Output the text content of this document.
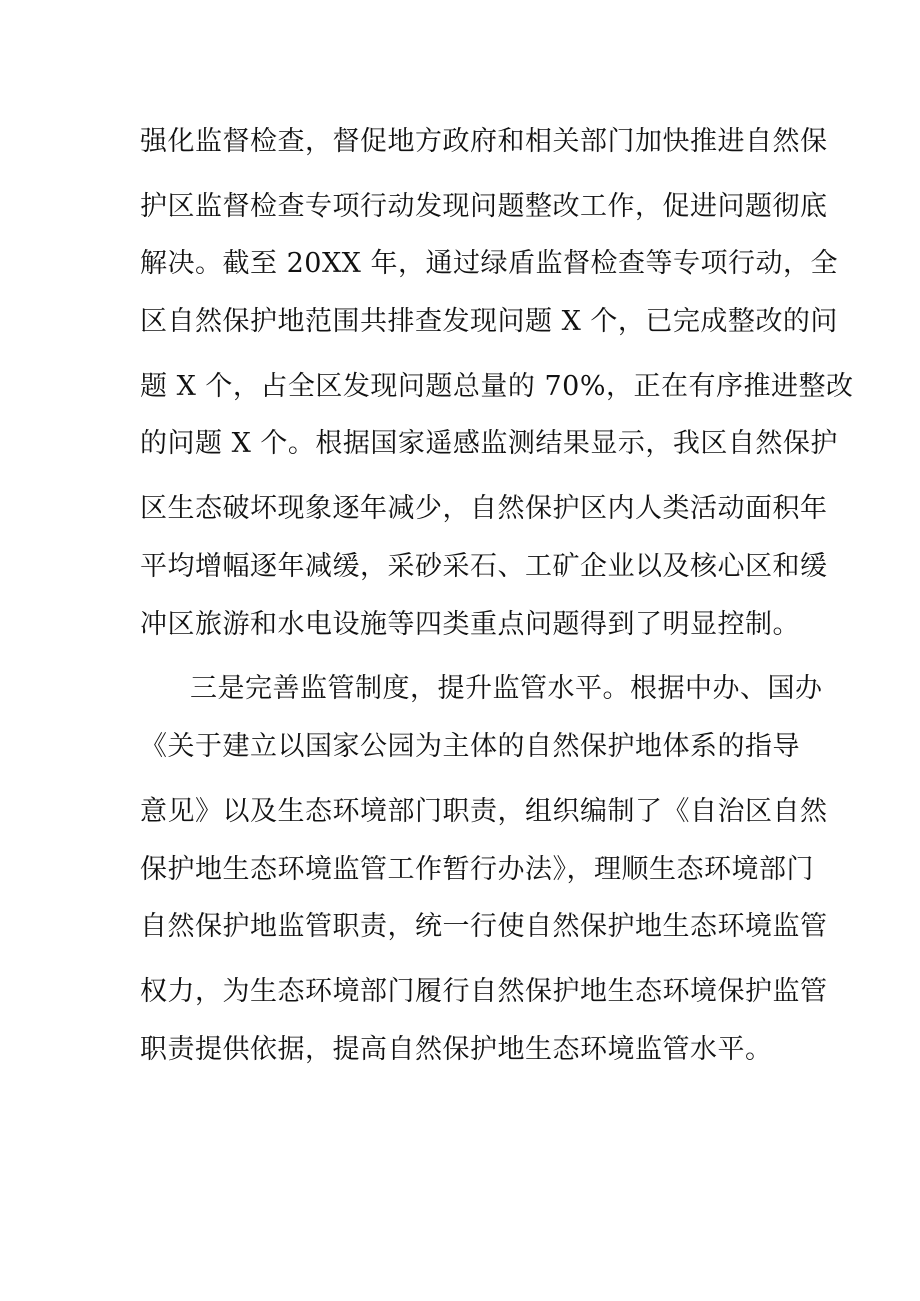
强化监督检查，督促地方政府和相关部门加快推进自然保
护区监督检查专项行动发现问题整改工作，促进问题彻底
解决。截至 20XX 年，通过绿盾监督检查等专项行动，全
区自然保护地范围共排查发现问题 X 个，已完成整改的问
题 X 个，占全区发现问题总量的 70%，正在有序推进整改
的问题 X 个。根据国家遥感监测结果显示，我区自然保护
区生态破坏现象逐年减少，自然保护区内人类活动面积年
平均增幅逐年减缓，采砂采石、工矿企业以及核心区和缓
冲区旅游和水电设施等四类重点问题得到了明显控制。
三是完善监管制度，提升监管水平。根据中办、国办
《关于建立以国家公园为主体的自然保护地体系的指导
意见》以及生态环境部门职责，组织编制了《自治区自然
保护地生态环境监管工作暂行办法》，理顺生态环境部门
自然保护地监管职责，统一行使自然保护地生态环境监管
权力，为生态环境部门履行自然保护地生态环境保护监管
职责提供依据，提高自然保护地生态环境监管水平。
